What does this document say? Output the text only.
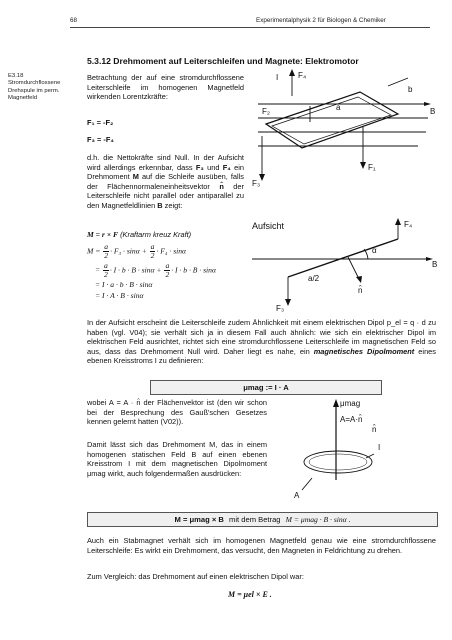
68	Experimentalphysik 2 für Biologen & Chemiker
5.3.12 Drehmoment auf Leiterschleifen und Magnete: Elektromotor
E3.18
Stromdurchflossene
Drehspule im perm.
Magnetfeld
Betrachtung der auf eine stromdurchflossene Leiterschleife im homogenen Magnetfeld wirkenden Lorentzkräfte:
F₁ = -F₂
F₃ = -F₄
d.h. die Nettokräfte sind Null. In der Aufsicht wird allerdings erkennbar, dass F₃ und F₄ ein Drehmoment M auf die Schleife ausüben, falls der Flächennormaleneinheitsvektor n̂ der Leiterschleife nicht parallel oder antiparallel zu den Magnetfeldlinien B zeigt:
M = r × F (Kraftarm kreuz Kraft)
$M = \frac{a}{2} \cdot F_3 \cdot \sin\alpha + \frac{a}{2} \cdot F_4 \cdot \sin\alpha$
= $\frac{a}{2} \cdot I \cdot b \cdot B \cdot \sin\alpha + \frac{a}{2} \cdot I \cdot b \cdot B \cdot \sin\alpha$
= I · a · b · B · sinα
= I · A · B · sinα
I F₄
F₂
b
B
a
F₃
F₁
Aufsicht	F₄
α
n̂
B
F₃
a/2
In der Aufsicht erscheint die Leiterschleife zudem Ähnlichkeit mit einem elektrischen Dipol p_el = q · d zu haben (vgl. V04); sie verhält sich ja in diesem Fall auch ähnlich: wie sich ein elektrischer Dipol im elektrischen Feld ausrichtet, richtet sich eine stromdurchflossene Leiterschleife im magnetischen Feld so aus, dass das Drehmoment Null wird. Daher liegt es nahe, ein magnetisches Dipolmoment eines ebenen Kreisstroms I zu definieren:
μmag := I · A
wobei A = A · n̂ der Flächenvektor ist (den wir schon bei der Besprechung des Gauß'schen Gesetzes kennen gelernt hatten (V02)).
Damit lässt sich das Drehmoment M, das in einem homogenen statischen Feld B auf einen ebenen Kreisstrom I mit dem magnetischen Dipolmoment μmag wirkt, auch folgendermaßen ausdrücken:
μmag
A=A·n̂
n̂
I
A
M = μmag × B mit dem Betrag M = μmag · B · sinα .
Auch ein Stabmagnet verhält sich im homogenen Magnetfeld genau wie eine stromdurchflossene Leiterschleife: Es wirkt ein Drehmoment, das versucht, den Magneten in Feldrichtung zu drehen.
Zum Vergleich: das Drehmoment auf einen elektrischen Dipol war:
M = μel × E .
